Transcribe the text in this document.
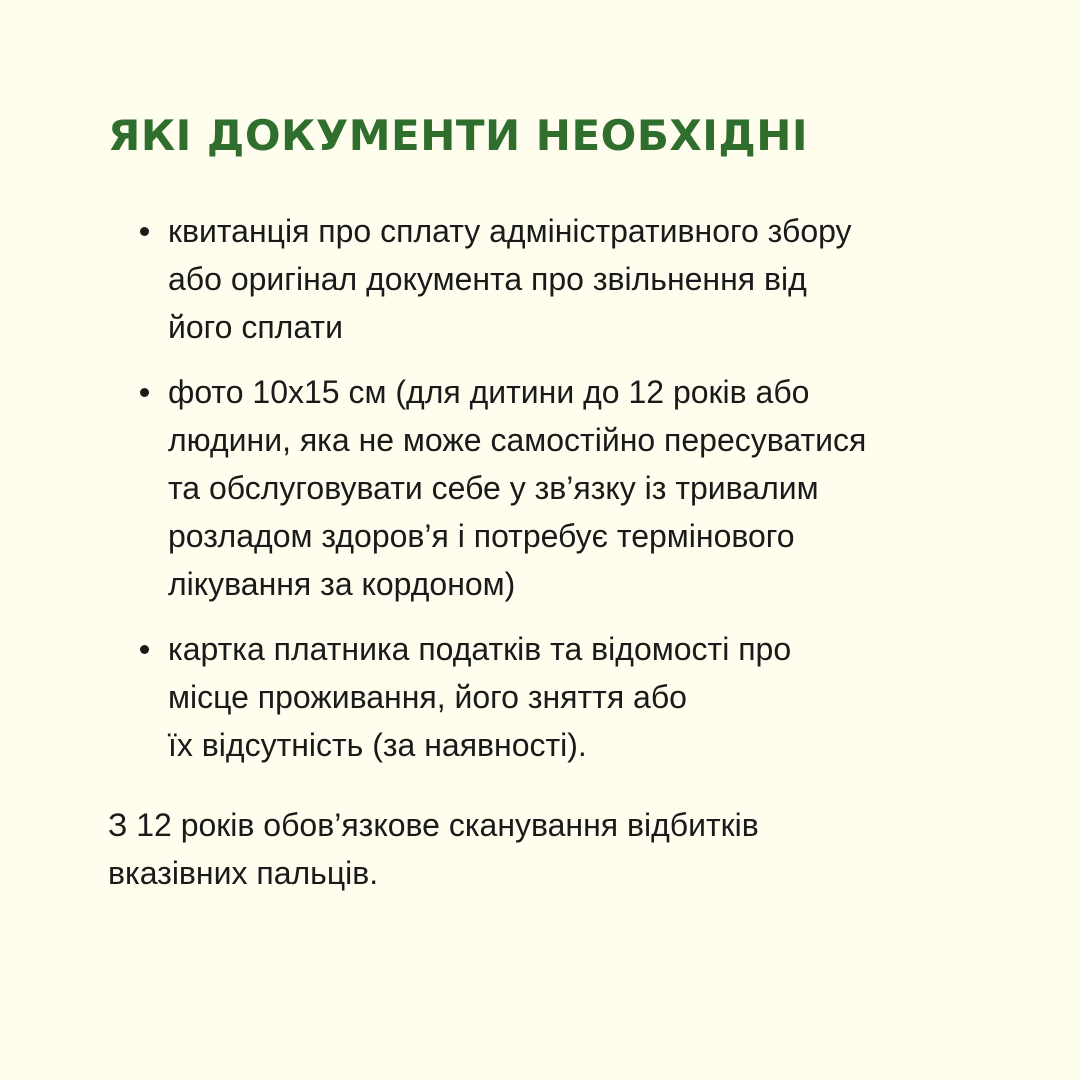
ЯКІ ДОКУМЕНТИ НЕОБХІДНІ
квитанція про сплату адміністративного збору
або оригінал документа про звільнення від
його сплати
фото 10х15 см (для дитини до 12 років або
людини, яка не може самостійно пересуватися
та обслуговувати себе у зв’язку із тривалим
розладом здоров’я і потребує термінового
лікування за кордоном)
картка платника податків та відомості про
місце проживання, його зняття або
їх відсутність (за наявності).

З 12 років обов’язкове сканування відбитків
вказівних пальців.
